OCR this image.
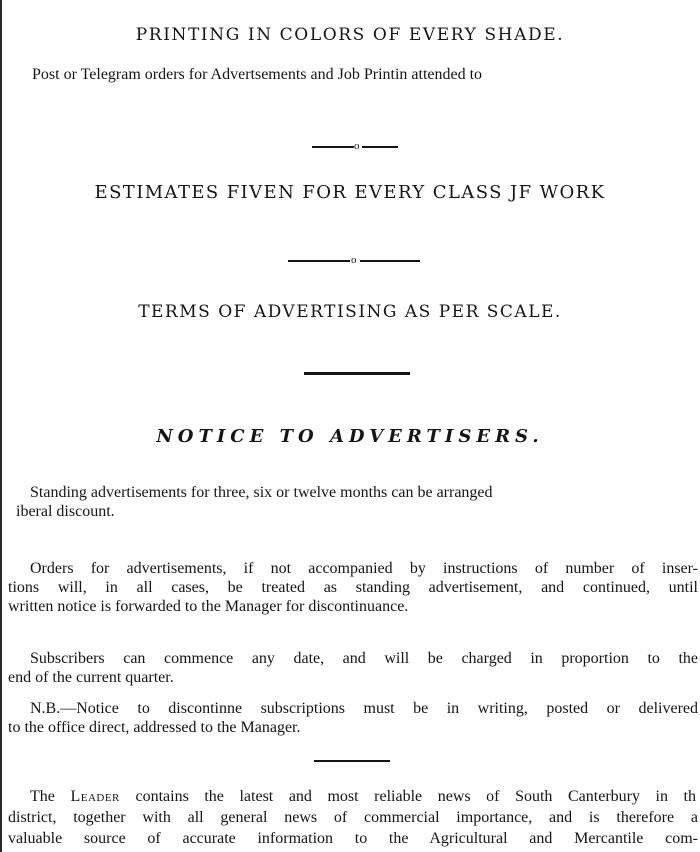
PRINTING IN COLORS OF EVERY SHADE.
Post or Telegram orders for Advertsements and Job Printin attended to
o
ESTIMATES FIVEN FOR EVERY CLASS JF WORK
o
TERMS OF ADVERTISING AS PER SCALE.
NOTICE TO ADVERTISERS.
Standing advertisements for three, six or twelve months can be arranged
iberal discount.
Orders for advertisements, if not accompanied by instructions of number of inser-
tions will, in all cases, be treated as standing advertisement, and continued, until
written notice is forwarded to the Manager for discontinuance.
Subscribers can commence any date, and will be charged in proportion to the
end of the current quarter.
N.B.—Notice to discontinne subscriptions must be in writing, posted or delivered
to the office direct, addressed to the Manager.
The Leader contains the latest and most reliable news of South Canterbury in th
district, together with all general news of commercial importance, and is therefore a
valuable source of accurate information to the Agricultural and Mercantile com-
